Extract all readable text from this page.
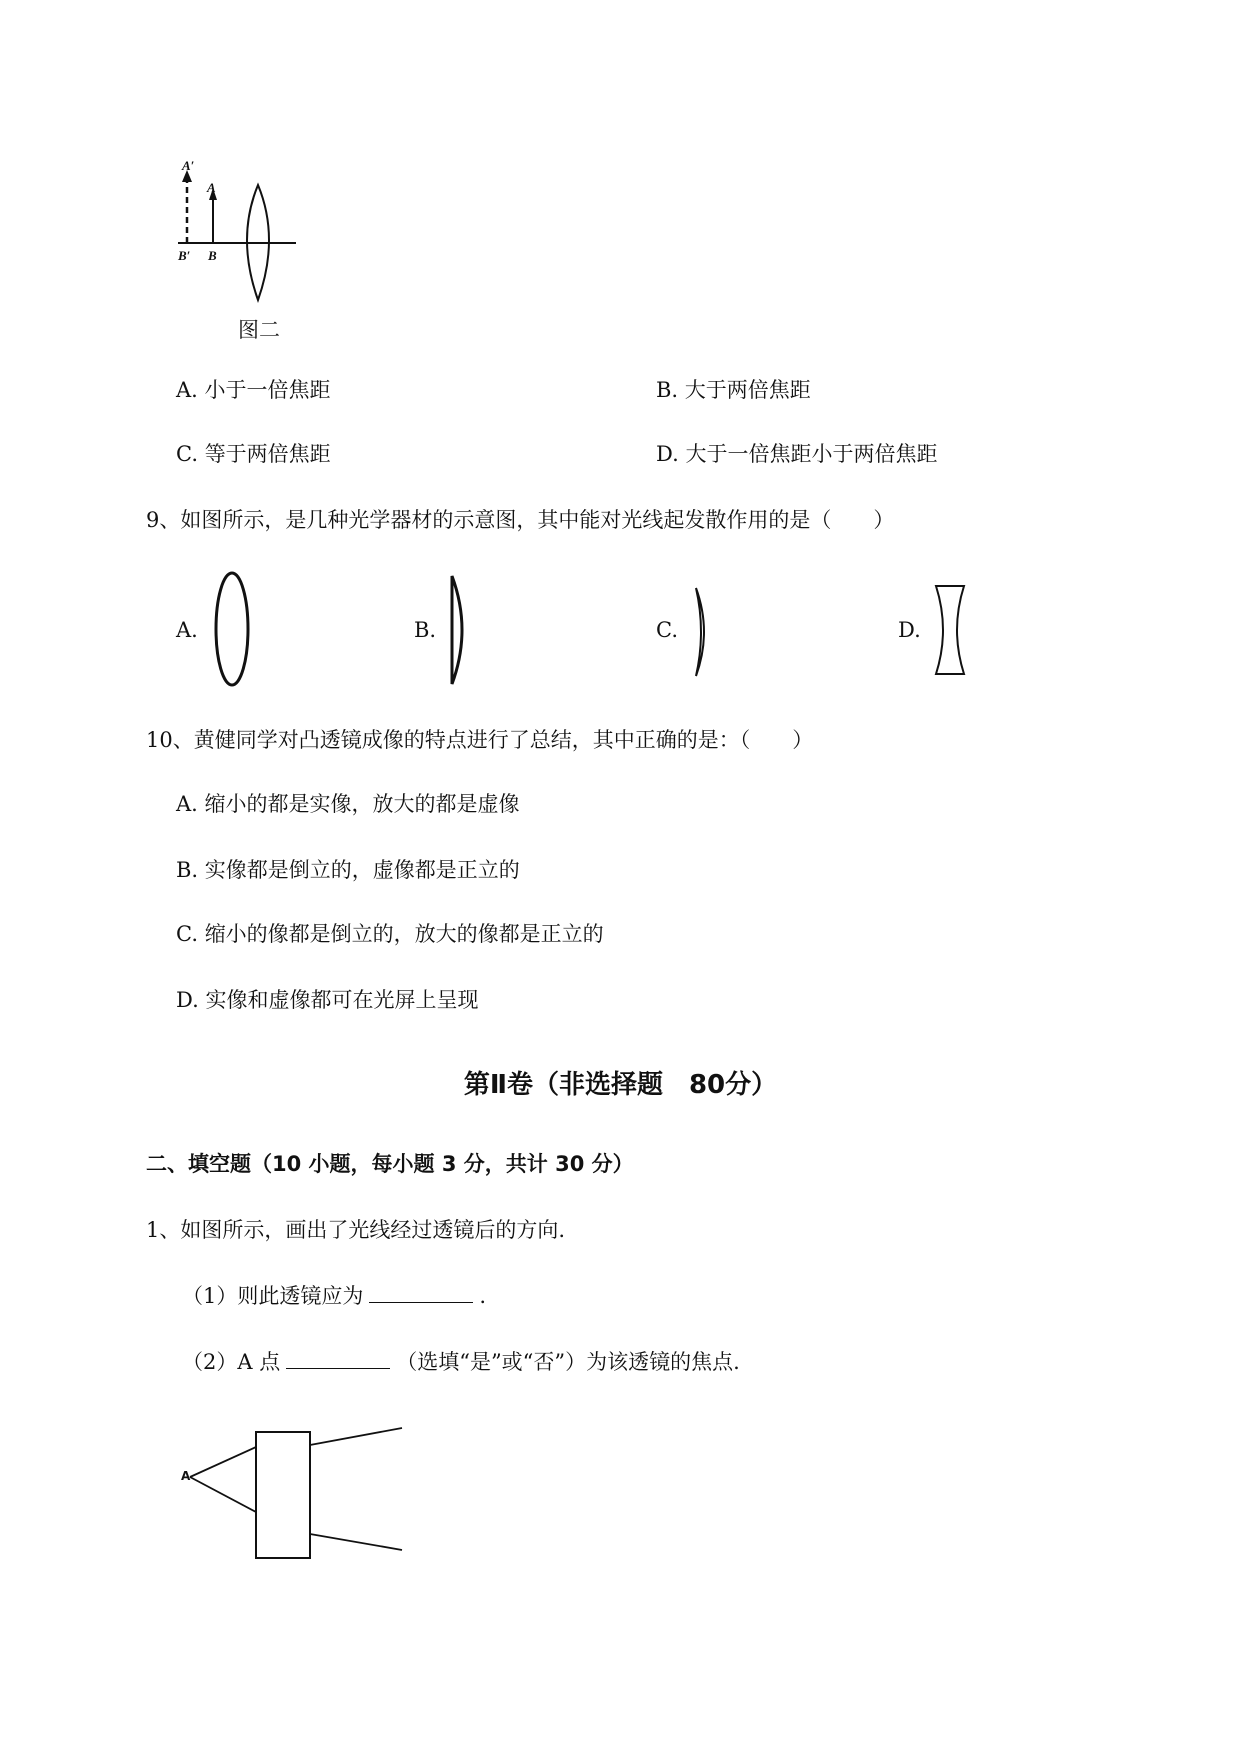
A′
A
B′ B
图二
A. 小于一倍焦距	B. 大于两倍焦距
C. 等于两倍焦距	D. 大于一倍焦距小于两倍焦距
9、如图所示，是几种光学器材的示意图，其中能对光线起发散作用的是（　　）
A.	B.	C.	D.
10、黄健同学对凸透镜成像的特点进行了总结，其中正确的是：（　　）
A. 缩小的都是实像，放大的都是虚像
B. 实像都是倒立的，虚像都是正立的
C. 缩小的像都是倒立的，放大的像都是正立的
D. 实像和虚像都可在光屏上呈现
第Ⅱ卷（非选择题　80分）
二、填空题（10 小题，每小题 3 分，共计 30 分）
1、如图所示，画出了光线经过透镜后的方向.
（1）则此透镜应为	.
（2）A 点	（选填“是”或“否”）为该透镜的焦点.
A
